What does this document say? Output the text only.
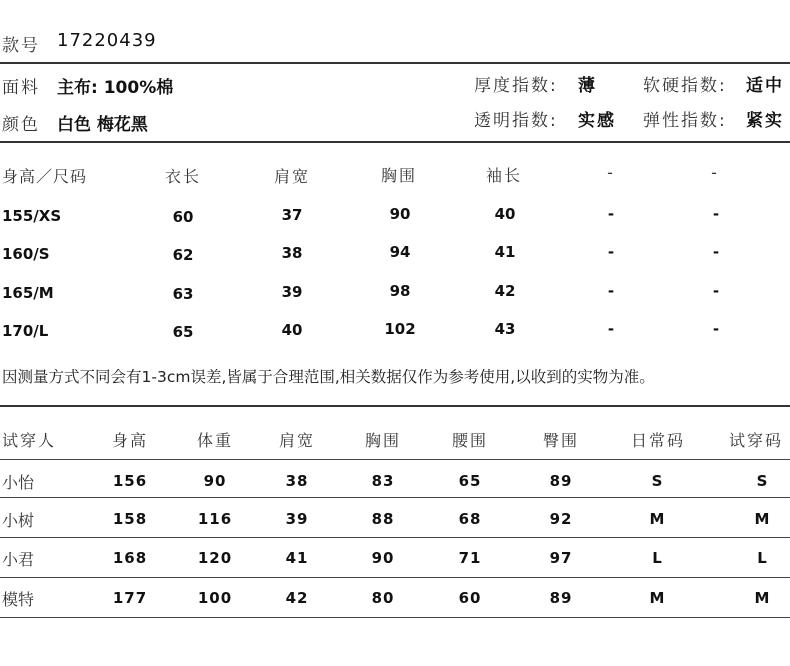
款号 17220439
面料 主布: 100%棉	厚度指数: 薄	软硬指数: 适中
颜色 白色 梅花黑	透明指数: 实感 弹性指数: 紧实
身高／尺码	衣长	肩宽	胸围	袖长	-	-
155/XS	60	37	90	40	-	-
160/S	62	38	94	41	-	-
165/M	63	39	98	42	-	-
170/L	65	40	102	43	-	-
因测量方式不同会有1-3cm误差,皆属于合理范围,相关数据仅作为参考使用,以收到的实物为准。
试穿人	身高	体重	肩宽	胸围	腰围	臀围	日常码	试穿码
小怡	156	90	38	83	65	89	S	S
小树	158	116	39	88	68	92	M	M
小君	168	120	41	90	71	97	L	L
模特	177	100	42	80	60	89	M	M
